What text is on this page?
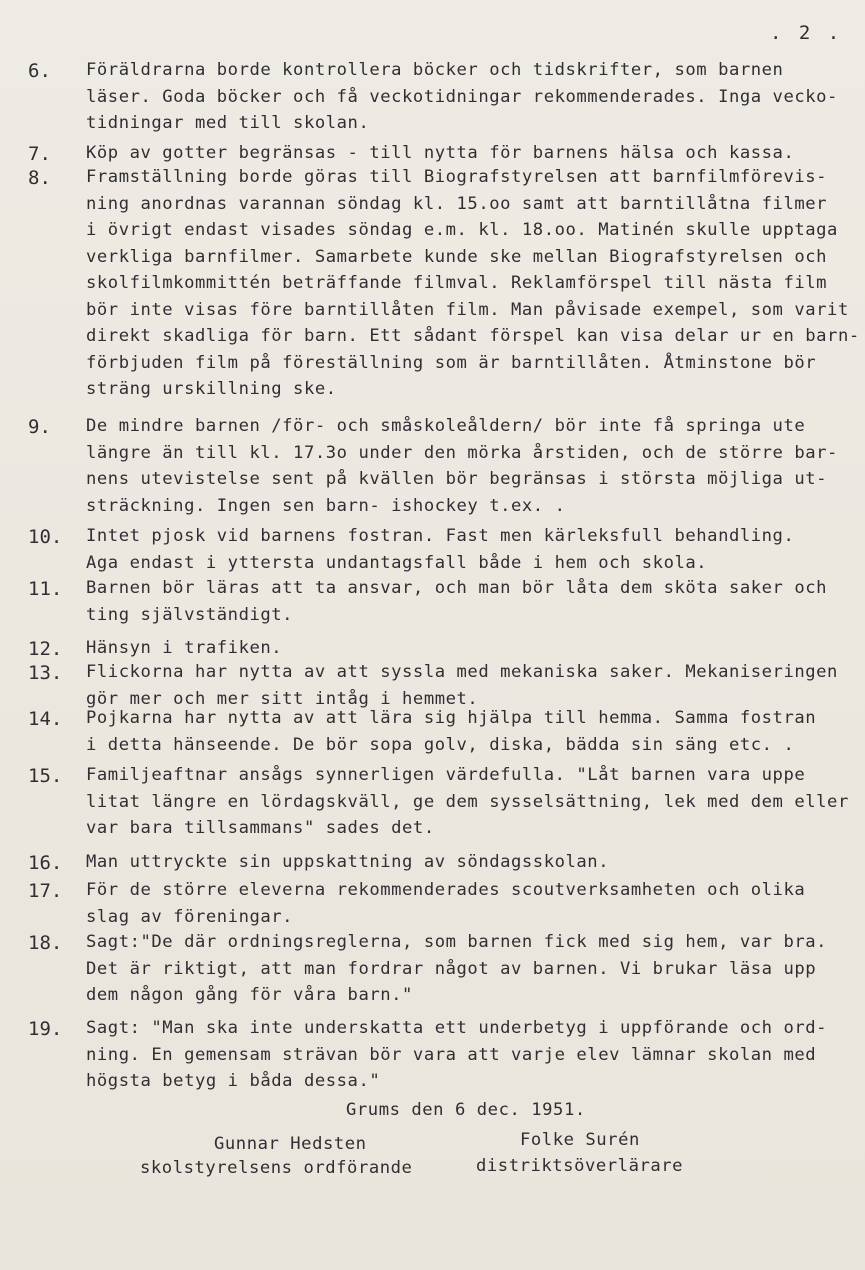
. 2 .
6. Föräldrarna borde kontrollera böcker och tidskrifter, som barnen
läser. Goda böcker och få veckotidningar rekommenderades. Inga vecko-
tidningar med till skolan.
7. Köp av gotter begränsas - till nytta för barnens hälsa och kassa.
8. Framställning borde göras till Biografstyrelsen att barnfilmförevis-
ning anordnas varannan söndag kl. 15.oo samt att barntillåtna filmer
i övrigt endast visades söndag e.m. kl. 18.oo. Matinén skulle upptaga
verkliga barnfilmer. Samarbete kunde ske mellan Biografstyrelsen och
skolfilmkommittén beträffande filmval. Reklamförspel till nästa film
bör inte visas före barntillåten film. Man påvisade exempel, som varit
direkt skadliga för barn. Ett sådant förspel kan visa delar ur en barn-
förbjuden film på föreställning som är barntillåten. Åtminstone bör
sträng urskillning ske.
9. De mindre barnen /för- och småskoleåldern/ bör inte få springa ute
längre än till kl. 17.3o under den mörka årstiden, och de större bar-
nens utevistelse sent på kvällen bör begränsas i största möjliga ut-
sträckning. Ingen sen barn- ishockey t.ex. .
10. Intet pjosk vid barnens fostran. Fast men kärleksfull behandling.
Aga endast i yttersta undantagsfall både i hem och skola.
11. Barnen bör läras att ta ansvar, och man bör låta dem sköta saker och
ting självständigt.
12. Hänsyn i trafiken.
13. Flickorna har nytta av att syssla med mekaniska saker. Mekaniseringen
gör mer och mer sitt intåg i hemmet.
14. Pojkarna har nytta av att lära sig hjälpa till hemma. Samma fostran
i detta hänseende. De bör sopa golv, diska, bädda sin säng etc. .
15. Familjeaftnar ansågs synnerligen värdefulla. "Låt barnen vara uppe
litat längre en lördagskväll, ge dem sysselsättning, lek med dem eller
var bara tillsammans" sades det.
16. Man uttryckte sin uppskattning av söndagsskolan.
17. För de större eleverna rekommenderades scoutverksamheten och olika
slag av föreningar.
18. Sagt:"De där ordningsreglerna, som barnen fick med sig hem, var bra.
Det är riktigt, att man fordrar något av barnen. Vi brukar läsa upp
dem någon gång för våra barn."
19. Sagt: "Man ska inte underskatta ett underbetyg i uppförande och ord-
ning. En gemensam strävan bör vara att varje elev lämnar skolan med
högsta betyg i båda dessa."
Grums den 6 dec. 1951.
Gunnar Hedsten	Folke Surén
skolstyrelsens ordförande	distriktsöverlärare
